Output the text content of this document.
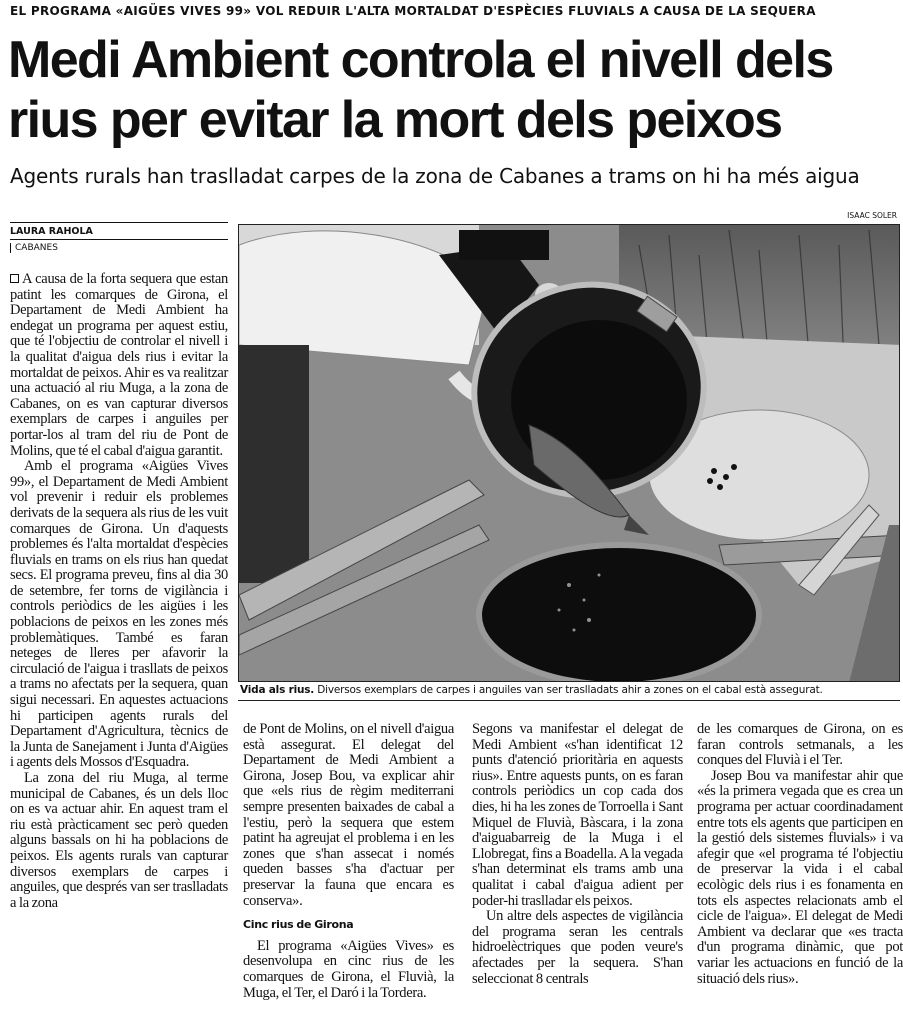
EL PROGRAMA «AIGÜES VIVES 99» VOL REDUIR L'ALTA MORTALDAT D'ESPÈCIES FLUVIALS A CAUSA DE LA SEQUERA
Medi Ambient controla el nivell dels rius per evitar la mort dels peixos
Agents rurals han traslladat carpes de la zona de Cabanes a trams on hi ha més aigua
LAURA RAHOLA
CABANES
ISAAC SOLER
Vida als rius. Diversos exemplars de carpes i anguiles van ser traslladats ahir a zones on el cabal està assegurat.

A causa de la forta sequera que estan patint les comarques de Girona, el Departament de Medi Ambient ha endegat un programa per aquest estiu, que té l'objectiu de controlar el nivell i la qualitat d'aigua dels rius i evitar la mortaldat de peixos. Ahir es va realitzar una actuació al riu Muga, a la zona de Cabanes, on es van capturar diversos exemplars de carpes i anguiles per portar-los al tram del riu de Pont de Molins, que té el cabal d'aigua garantit.

Amb el programa «Aigües Vives 99», el Departament de Medi Ambient vol prevenir i reduir els problemes derivats de la sequera als rius de les vuit comarques de Girona. Un d'aquests problemes és l'alta mortaldat d'espècies fluvials en trams on els rius han quedat secs. El programa preveu, fins al dia 30 de setembre, fer torns de vigilància i controls periòdics de les aigües i les poblacions de peixos en les zones més problemàtiques. També es faran neteges de lleres per afavorir la circulació de l'aigua i trasllats de peixos a trams no afectats per la sequera, quan sigui necessari. En aquestes actuacions hi participen agents rurals del Departament d'Agricultura, tècnics de la Junta de Sanejament i Junta d'Aigües i agents dels Mossos d'Esquadra.

La zona del riu Muga, al terme municipal de Cabanes, és un dels lloc on es va actuar ahir. En aquest tram el riu està pràcticament sec però queden alguns bassals on hi ha poblacions de peixos. Els agents rurals van capturar diversos exemplars de carpes i anguiles, que després van ser traslladats a la zona

de Pont de Molins, on el nivell d'aigua està assegurat. El delegat del Departament de Medi Ambient a Girona, Josep Bou, va explicar ahir que «els rius de règim mediterrani sempre presenten baixades de cabal a l'estiu, però la sequera que estem patint ha agreujat el problema i en les zones que s'han assecat i només queden basses s'ha d'actuar per preservar la fauna que encara es conserva».

Cinc rius de Girona

El programa «Aigües Vives» es desenvolupa en cinc rius de les comarques de Girona, el Fluvià, la Muga, el Ter, el Daró i la Tordera.

Segons va manifestar el delegat de Medi Ambient «s'han identificat 12 punts d'atenció prioritària en aquests rius». Entre aquests punts, on es faran controls periòdics un cop cada dos dies, hi ha les zones de Torroella i Sant Miquel de Fluvià, Bàscara, i la zona d'aiguabarreig de la Muga i el Llobregat, fins a Boadella. A la vegada s'han determinat els trams amb una qualitat i cabal d'aigua adient per poder-hi traslladar els peixos.

Un altre dels aspectes de vigilància del programa seran les centrals hidroelèctriques que poden veure's afectades per la sequera. S'han seleccionat 8 centrals

de les comarques de Girona, on es faran controls setmanals, a les conques del Fluvià i el Ter.

Josep Bou va manifestar ahir que «és la primera vegada que es crea un programa per actuar coordinadament entre tots els agents que participen en la gestió dels sistemes fluvials» i va afegir que «el programa té l'objectiu de preservar la vida i el cabal ecològic dels rius i es fonamenta en tots els aspectes relacionats amb el cicle de l'aigua». El delegat de Medi Ambient va declarar que «es tracta d'un programa dinàmic, que pot variar les actuacions en funció de la situació dels rius».
